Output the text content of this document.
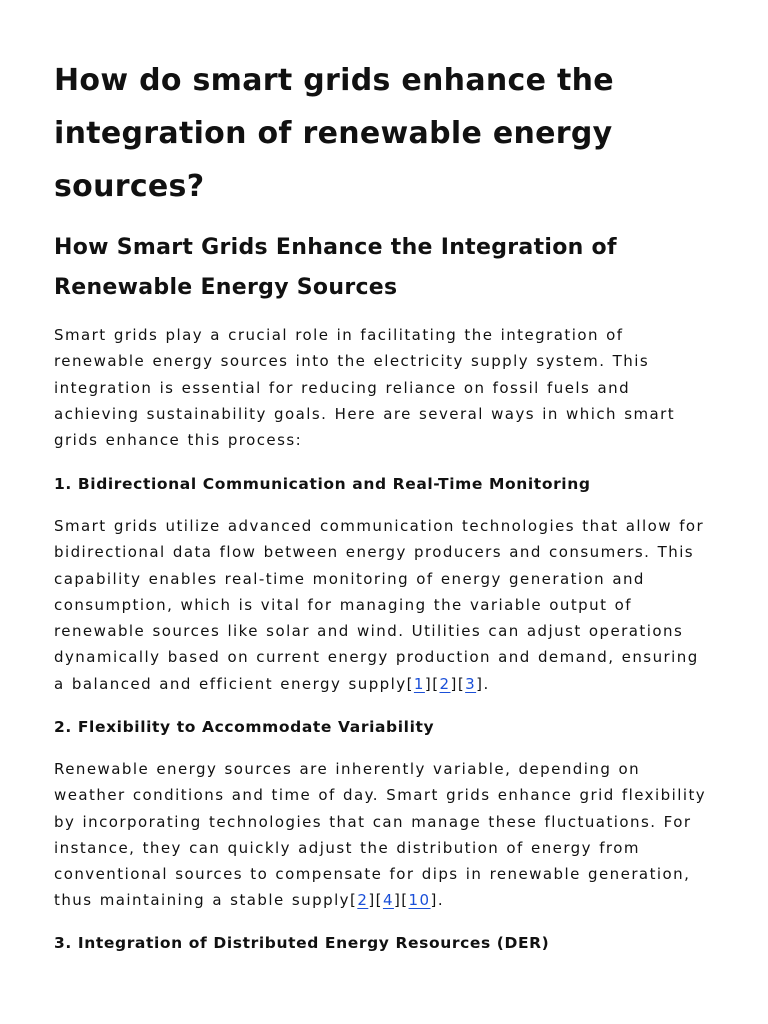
How do smart grids enhance the integration of renewable energy sources?
How Smart Grids Enhance the Integration of Renewable Energy Sources

Smart grids play a crucial role in facilitating the integration of renewable energy sources into the electricity supply system. This integration is essential for reducing reliance on fossil fuels and achieving sustainability goals. Here are several ways in which smart grids enhance this process:

1. Bidirectional Communication and Real-Time Monitoring

Smart grids utilize advanced communication technologies that allow for bidirectional data flow between energy producers and consumers. This capability enables real-time monitoring of energy generation and consumption, which is vital for managing the variable output of renewable sources like solar and wind. Utilities can adjust operations dynamically based on current energy production and demand, ensuring a balanced and efficient energy supply[1][2][3].

2. Flexibility to Accommodate Variability

Renewable energy sources are inherently variable, depending on weather conditions and time of day. Smart grids enhance grid flexibility by incorporating technologies that can manage these fluctuations. For instance, they can quickly adjust the distribution of energy from conventional sources to compensate for dips in renewable generation, thus maintaining a stable supply[2][4][10].

3. Integration of Distributed Energy Resources (DER)
